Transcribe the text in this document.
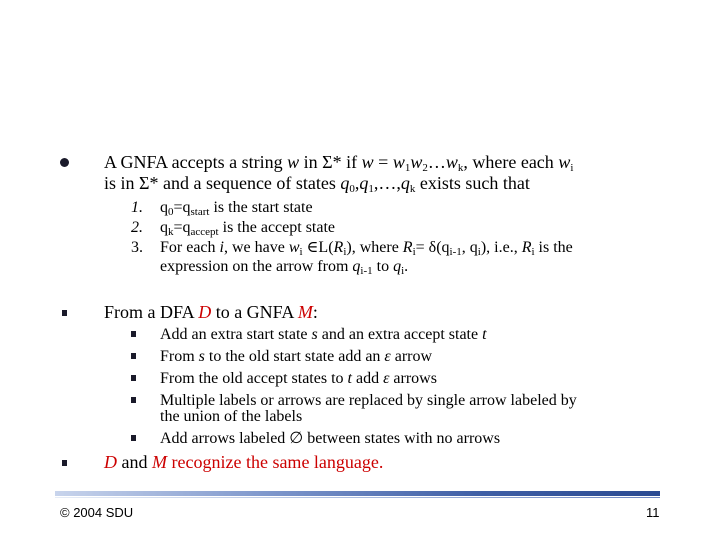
A GNFA accepts a string w in Σ* if $w = w_1w_2\dots w_k$, where each $w_i$
is in Σ* and a sequence of states $q_0,q_1,\dots,q_k$ exists such that
1. $q_0=q_{start}$ is the start state
2. $q_k=q_{accept}$ is the accept state
3. For each i, we have $w_i$ $\in L(R_i)$, where $R_i= \delta(q_{i-1}$, $q_i$), i.e., $R_i$ is the
expression on the arrow from $q_{i-1}$ to $q_i$.
From a DFA D to a GNFA M:
Add an extra start state s and an extra accept state t
From s to the old start state add an ε arrow
From the old accept states to t add ε arrows
Multiple labels or arrows are replaced by single arrow labeled by
the union of the labels
Add arrows labeled ∅ between states with no arrows
D and M recognize the same language.
© 2004 SDU	11
